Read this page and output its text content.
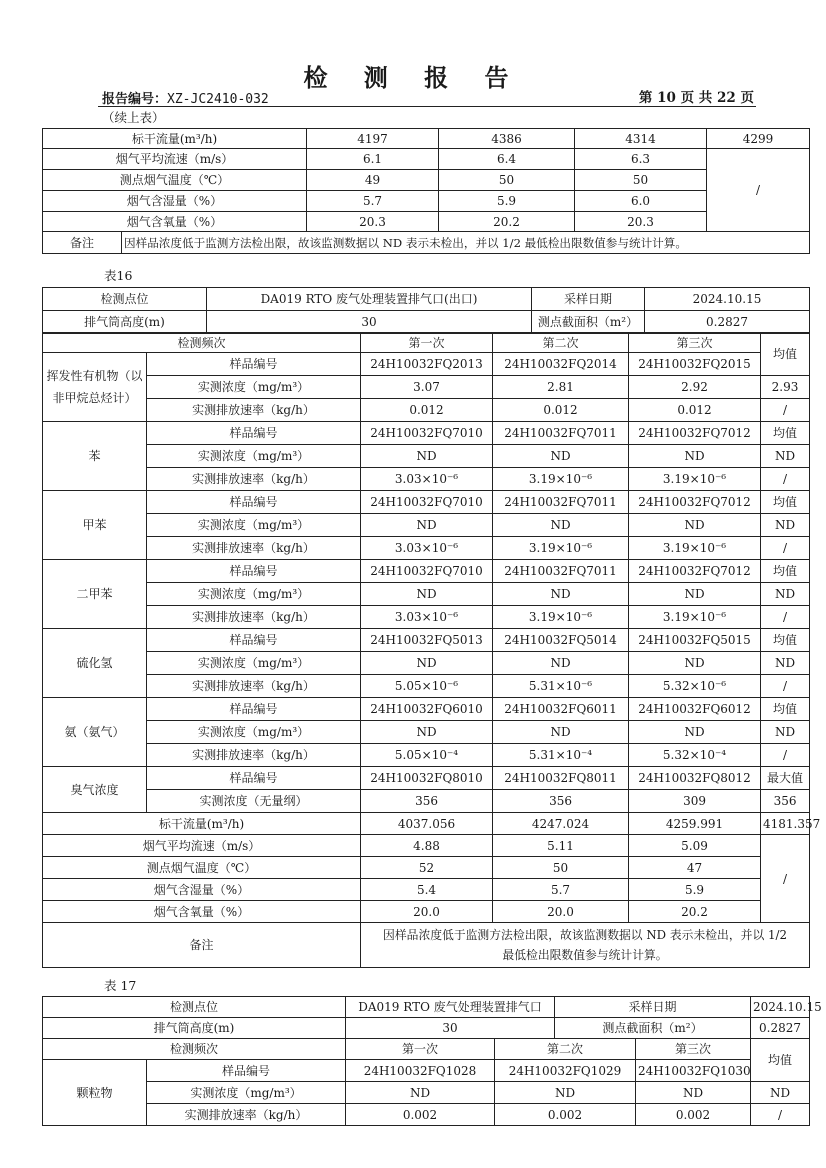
检 测 报 告
报告编号：XZ-JC2410-032	第 10 页 共 22 页
（续上表）
标干流量(m³/h)		4197	4386	4314	4299
烟气平均流速（m/s）		6.1	6.4	6.3	/
测点烟气温度（℃）		49	50	50	
烟气含湿量（%）		5.7	5.9	6.0	
烟气含氧量（%）		20.3	20.2	20.3	
备注	因样品浓度低于监测方法检出限，故该监测数据以 ND 表示未检出，并以 1/2 最低检出限数值参与统计计算。				
表16
检测点位	DA019 RTO 废气处理装置排气口(出口)	采样日期	2024.10.15
排气筒高度(m)	30	测点截面积（m²）	0.2827
检测频次		第一次	第二次	第三次	均值
挥发性有机物（以非甲烷总烃计）	样品编号	24H10032FQ2013	24H10032FQ2014	24H10032FQ2015	
	实测浓度（mg/m³）	3.07	2.81	2.92	2.93
	实测排放速率（kg/h）	0.012	0.012	0.012	/
苯	样品编号	24H10032FQ7010	24H10032FQ7011	24H10032FQ7012	均值
	实测浓度（mg/m³）	ND	ND	ND	ND
	实测排放速率（kg/h）	3.03×10⁻⁶	3.19×10⁻⁶	3.19×10⁻⁶	/
甲苯	样品编号	24H10032FQ7010	24H10032FQ7011	24H10032FQ7012	均值
	实测浓度（mg/m³）	ND	ND	ND	ND
	实测排放速率（kg/h）	3.03×10⁻⁶	3.19×10⁻⁶	3.19×10⁻⁶	/
二甲苯	样品编号	24H10032FQ7010	24H10032FQ7011	24H10032FQ7012	均值
	实测浓度（mg/m³）	ND	ND	ND	ND
	实测排放速率（kg/h）	3.03×10⁻⁶	3.19×10⁻⁶	3.19×10⁻⁶	/
硫化氢	样品编号	24H10032FQ5013	24H10032FQ5014	24H10032FQ5015	均值
	实测浓度（mg/m³）	ND	ND	ND	ND
	实测排放速率（kg/h）	5.05×10⁻⁶	5.31×10⁻⁶	5.32×10⁻⁶	/
氨（氨气）	样品编号	24H10032FQ6010	24H10032FQ6011	24H10032FQ6012	均值
	实测浓度（mg/m³）	ND	ND	ND	ND
	实测排放速率（kg/h）	5.05×10⁻⁴	5.31×10⁻⁴	5.32×10⁻⁴	/
臭气浓度	样品编号	24H10032FQ8010	24H10032FQ8011	24H10032FQ8012	最大值
	实测浓度（无量纲）	356	356	309	356
标干流量(m³/h)		4037.056	4247.024	4259.991	4181.357
烟气平均流速（m/s）		4.88	5.11	5.09	/
测点烟气温度（℃）		52	50	47	
烟气含湿量（%）		5.4	5.7	5.9	
烟气含氧量（%）		20.0	20.0	20.2	
备注		因样品浓度低于监测方法检出限，故该监测数据以 ND 表示未检出，并以 1/2
最低检出限数值参与统计计算。			
表 17
检测点位		DA019 RTO 废气处理装置排气口		采样日期		2024.10.15
排气筒高度(m)		30		测点截面积（m²）		0.2827
检测频次		第一次	第二次		第三次	均值
颗粒物	样品编号	24H10032FQ1028	24H10032FQ1029		24H10032FQ1030	
	实测浓度（mg/m³）	ND	ND		ND	ND
	实测排放速率（kg/h）	0.002	0.002		0.002	/
